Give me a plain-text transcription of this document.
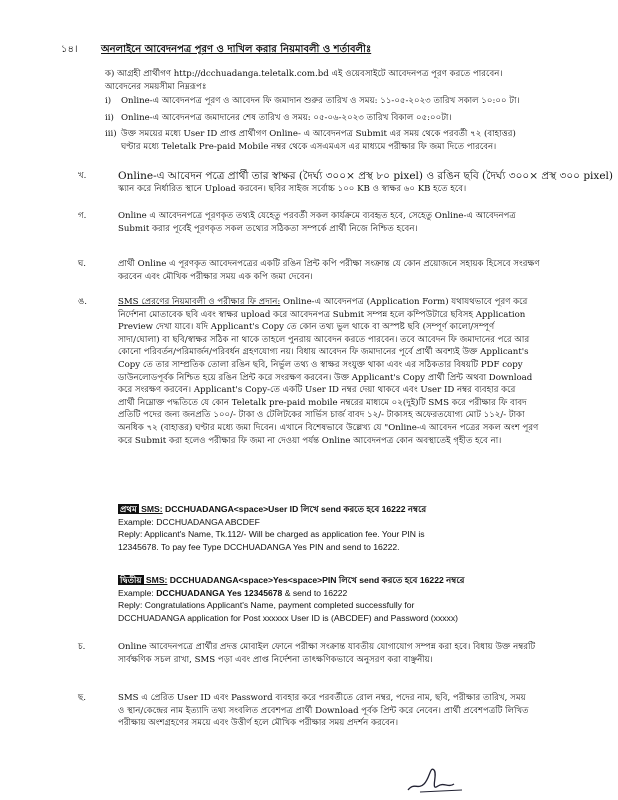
১৪। অনলাইনে আবেদনপত্র পূরণ ও দাখিল করার নিয়মাবলী ও শর্তাবলীঃ
ক) আগ্রহী প্রার্থীগণ http://dcchuadanga.teletalk.com.bd এই ওয়েবসাইটে আবেদনপত্র পূরণ করতে পারবেন।
আবেদনের সময়সীমা নিম্নরূপঃ
i) Online-এ আবেদনপত্র পূরণ ও আবেদন ফি জমাদান শুরুর তারিখ ও সময়: ১১-০৫-২০২৩ তারিখ সকাল ১০:০০ টা।
ii) Online-এ আবেদনপত্র জমাদানের শেষ তারিখ ও সময়: ০৫-০৬-২০২৩ তারিখ বিকাল ০৫:০০টা।
iii) উক্ত সময়ের মধ্যে User ID প্রাপ্ত প্রার্থীগণ Online- এ আবেদনপত্র Submit এর সময় থেকে পরবর্তী ৭২ (বাহাত্তর)
ঘণ্টার মধ্যে Teletalk Pre-paid Mobile নম্বর থেকে এসএমএস এর মাধ্যমে পরীক্ষার ফি জমা দিতে পারবেন।
খ.	Online-এ আবেদন পত্রে প্রার্থী তার স্বাক্ষর (দৈর্ঘ্য ৩০০× প্রস্থ ৮০ pixel) ও রঙিন ছবি (দৈর্ঘ্য ৩০০× প্রস্থ ৩০০ pixel)
স্ক্যান করে নির্ধারিত স্থানে Upload করবেন। ছবির সাইজ সর্বোচ্চ ১০০ KB ও স্বাক্ষর ৬০ KB হতে হবে।
গ.	Online এ আবেদনপত্রে পূরণকৃত তথ্যই যেহেতু পরবর্তী সকল কার্যক্রমে ব্যবহৃত হবে, সেহেতু Online-এ আবেদনপত্র
Submit করার পূর্বেই পূরণকৃত সকল তথ্যের সঠিকতা সম্পর্কে প্রার্থী নিজে নিশ্চিত হবেন।
ঘ.	প্রার্থী Online এ পূরণকৃত আবেদনপত্রের একটি রঙিন প্রিন্ট কপি পরীক্ষা সংক্রান্ত যে কোন প্রয়োজনে সহায়ক হিসেবে সংরক্ষণ
করবেন এবং মৌখিক পরীক্ষার সময় এক কপি জমা দেবেন।
ঙ.	SMS প্রেরণের নিয়মাবলী ও পরীক্ষার ফি প্রদান: Online-এ আবেদনপত্র (Application Form) যথাযথভাবে পূরণ করে
নির্দেশনা মোতাবেক ছবি এবং স্বাক্ষর upload করে আবেদনপত্র Submit সম্পন্ন হলে কম্পিউটারে ছবিসহ Application
Preview দেখা যাবে। যদি Applicant's Copy তে কোন তথ্য ভুল থাকে বা অস্পষ্ট ছবি (সম্পূর্ণ কালো/সম্পূর্ণ
সাদা/ঘোলা) বা ছবি/স্বাক্ষর সঠিক না থাকে তাহলে পুনরায় আবেদন করতে পারবেন। তবে আবেদন ফি জমাদানের পরে আর
কোনো পরিবর্তন/পরিমার্জন/পরিবর্ধন গ্রহণযোগ্য নয়। বিধায় আবেদন ফি জমাদানের পূর্বে প্রার্থী অবশ্যই উক্ত Applicant's
Copy তে তার সাম্প্রতিক তোলা রঙিন ছবি, নির্ভুল তথ্য ও স্বাক্ষর সংযুক্ত থাকা এবং এর সঠিকতার বিষয়টি PDF copy
ডাউনলোডপূর্বক নিশ্চিত হয়ে রঙিন প্রিন্ট করে সংরক্ষণ করবেন। উক্ত Applicant's Copy প্রার্থী প্রিন্ট অথবা Download
করে সংরক্ষণ করবেন। Applicant's Copy-তে একটি User ID নম্বর দেয়া থাকবে এবং User ID নম্বর ব্যবহার করে
প্রার্থী নিম্নোক্ত পদ্ধতিতে যে কোন Teletalk pre-paid mobile নম্বরের মাধ্যমে ০২(দুই)টি SMS করে পরীক্ষার ফি বাবদ
প্রতিটি পদের জন্য জনপ্রতি ১০০/- টাকা ও টেলিটকের সার্ভিস চার্জ বাবদ ১২/- টাকাসহ অফেরতযোগ্য মোট ১১২/- টাকা
অনধিক ৭২ (বাহাত্তর) ঘণ্টার মধ্যে জমা দিবেন। এখানে বিশেষভাবে উল্লেখ্য যে "Online-এ আবেদন পত্রের সকল অংশ পূরণ
করে Submit করা হলেও পরীক্ষার ফি জমা না দেওয়া পর্যন্ত Online আবেদনপত্র কোন অবস্থাতেই গৃহীত হবে না।
প্রথম SMS: DCCHUADANGA<space>User ID লিখে send করতে হবে 16222 নম্বরে
Example: DCCHUADANGA ABCDEF
Reply: Applicant's Name, Tk.112/- Will be charged as application fee. Your PIN is
12345678. To pay fee Type DCCHUADANGA Yes PIN and send to 16222.
দ্বিতীয় SMS: DCCHUADANGA<space>Yes<space>PIN লিখে send করতে হবে 16222 নম্বরে
Example: DCCHUADANGA Yes 12345678 & send to 16222
Reply: Congratulations Applicant's Name, payment completed successfully for
DCCHUADANGA application for Post xxxxxx User ID is (ABCDEF) and Password (xxxxx)
চ.	Online আবেদনপত্রে প্রার্থীর প্রদত্ত মোবাইল ফোনে পরীক্ষা সংক্রান্ত যাবতীয় যোগাযোগ সম্পন্ন করা হবে। বিধায় উক্ত নম্বরটি
সার্বক্ষণিক সচল রাখা, SMS পড়া এবং প্রাপ্ত নির্দেশনা তাৎক্ষণিকভাবে অনুসরণ করা বাঞ্ছনীয়।
ছ.	SMS এ প্রেরিত User ID এবং Password ব্যবহার করে পরবর্তীতে রোল নম্বর, পদের নাম, ছবি, পরীক্ষার তারিখ, সময়
ও স্থান/কেন্দ্রের নাম ইত্যাদি তথ্য সংবলিত প্রবেশপত্র প্রার্থী Download পূর্বক প্রিন্ট করে নেবেন। প্রার্থী প্রবেশপত্রটি লিখিত
পরীক্ষায় অংশগ্রহণের সময়ে এবং উত্তীর্ণ হলে মৌখিক পরীক্ষার সময় প্রদর্শন করবেন।
